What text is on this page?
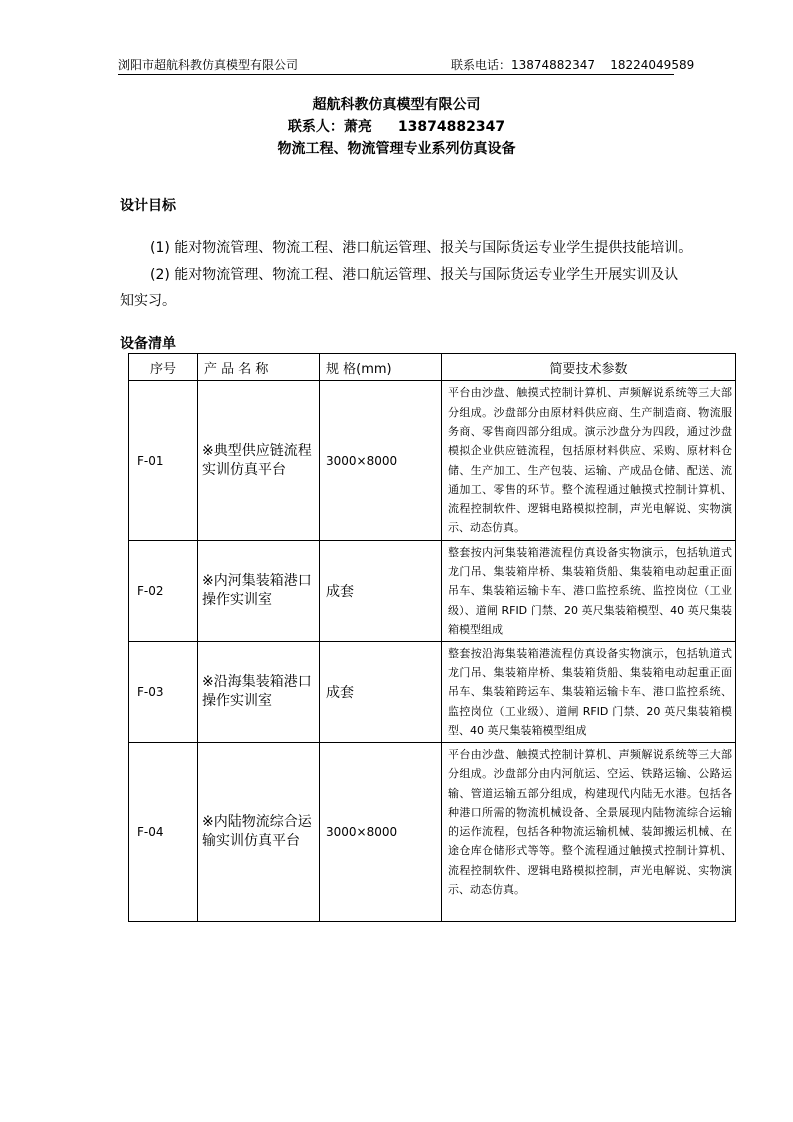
浏阳市超航科教仿真模型有限公司	联系电话：13874882347    18224049589
超航科教仿真模型有限公司
联系人：萧亮 13874882347
物流工程、物流管理专业系列仿真设备
设计目标
(1) 能对物流管理、物流工程、港口航运管理、报关与国际货运专业学生提供技能培训。
(2) 能对物流管理、物流工程、港口航运管理、报关与国际货运专业学生开展实训及认
知实习。
设备清单
序号	产 品 名 称	规 格(mm)	简要技术参数
F-01	※典型供应链流程实训仿真平台	3000×8000	平台由沙盘、触摸式控制计算机、声频解说系统等三大部分组成。沙盘部分由原材料供应商、生产制造商、物流服务商、零售商四部分组成。演示沙盘分为四段，通过沙盘模拟企业供应链流程，包括原材料供应、采购、原材料仓储、生产加工、生产包装、运输、产成品仓储、配送、流通加工、零售的环节。整个流程通过触摸式控制计算机、流程控制软件、逻辑电路模拟控制，声光电解说、实物演示、动态仿真。
F-02	※内河集装箱港口操作实训室	成套	整套按内河集装箱港流程仿真设备实物演示，包括轨道式龙门吊、集装箱岸桥、集装箱货船、集装箱电动起重正面吊车、集装箱运输卡车、港口监控系统、监控岗位（工业级）、道闸 RFID 门禁、20 英尺集装箱模型、40 英尺集装箱模型组成
F-03	※沿海集装箱港口操作实训室	成套	整套按沿海集装箱港流程仿真设备实物演示，包括轨道式龙门吊、集装箱岸桥、集装箱货船、集装箱电动起重正面吊车、集装箱跨运车、集装箱运输卡车、港口监控系统、监控岗位（工业级）、道闸 RFID 门禁、20 英尺集装箱模型、40 英尺集装箱模型组成
F-04	※内陆物流综合运输实训仿真平台	3000×8000	平台由沙盘、触摸式控制计算机、声频解说系统等三大部分组成。沙盘部分由内河航运、空运、铁路运输、公路运输、管道运输五部分组成，构建现代内陆无水港。包括各种港口所需的物流机械设备、全景展现内陆物流综合运输的运作流程，包括各种物流运输机械、装卸搬运机械、在途仓库仓储形式等等。整个流程通过触摸式控制计算机、流程控制软件、逻辑电路模拟控制，声光电解说、实物演示、动态仿真。
